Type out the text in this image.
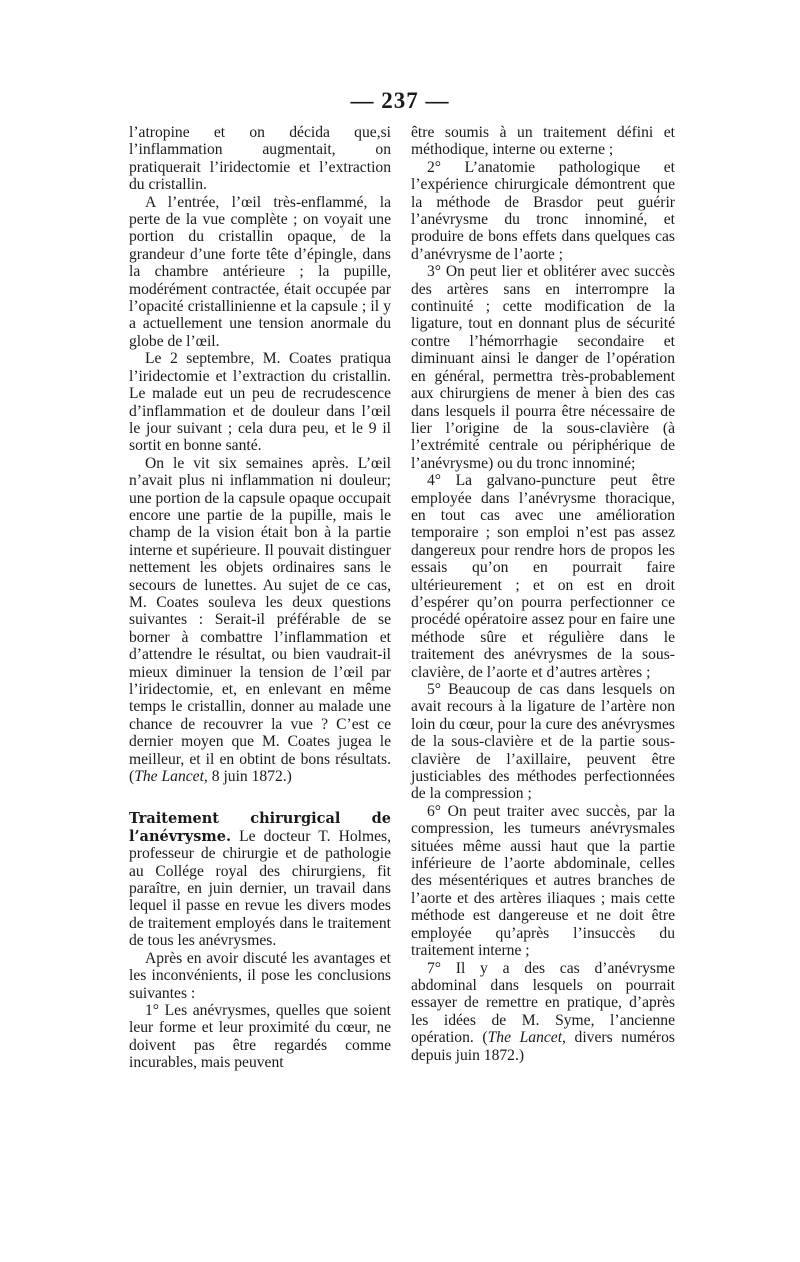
— 237 —

l’atropine et on décida que,si l’inflammation augmentait, on pratiquerait l’iridectomie et l’extraction du cristallin.

A l’entrée, l’œil très-enflammé, la perte de la vue complète ; on voyait une portion du cristallin opaque, de la grandeur d’une forte tête d’épingle, dans la chambre antérieure ; la pupille, modérément contractée, était occupée par l’opacité cristallinienne et la capsule ; il y a actuellement une tension anormale du globe de l’œil.

Le 2 septembre, M. Coates pratiqua l’iridectomie et l’extraction du cristallin. Le malade eut un peu de recrudescence d’inflammation et de douleur dans l’œil le jour suivant ; cela dura peu, et le 9 il sortit en bonne santé.

On le vit six semaines après. L’œil n’avait plus ni inflammation ni douleur; une portion de la capsule opaque occupait encore une partie de la pupille, mais le champ de la vision était bon à la partie interne et supérieure. Il pouvait distinguer nettement les objets ordinaires sans le secours de lunettes. Au sujet de ce cas, M. Coates souleva les deux questions suivantes : Serait-il préférable de se borner à combattre l’inflammation et d’attendre le résultat, ou bien vaudrait-il mieux diminuer la tension de l’œil par l’iridectomie, et, en enlevant en même temps le cristallin, donner au malade une chance de recouvrer la vue ? C’est ce dernier moyen que M. Coates jugea le meilleur, et il en obtint de bons résultats. (The Lancet, 8 juin 1872.)

Traitement chirurgical de l’anévrysme. Le docteur T. Holmes, professeur de chirurgie et de pathologie au Collége royal des chirurgiens, fit paraître, en juin dernier, un travail dans lequel il passe en revue les divers modes de traitement employés dans le traitement de tous les anévrysmes.

Après en avoir discuté les avantages et les inconvénients, il pose les conclusions suivantes :

1° Les anévrysmes, quelles que soient leur forme et leur proximité du cœur, ne doivent pas être regardés comme incurables, mais peuvent

être soumis à un traitement défini et méthodique, interne ou externe ;

2° L’anatomie pathologique et l’expérience chirurgicale démontrent que la méthode de Brasdor peut guérir l’anévrysme du tronc innominé, et produire de bons effets dans quelques cas d’anévrysme de l’aorte ;

3° On peut lier et oblitérer avec succès des artères sans en interrompre la continuité ; cette modification de la ligature, tout en donnant plus de sécurité contre l’hémorrhagie secondaire et diminuant ainsi le danger de l’opération en général, permettra très-probablement aux chirurgiens de mener à bien des cas dans lesquels il pourra être nécessaire de lier l’origine de la sous-clavière (à l’extrémité centrale ou périphérique de l’anévrysme) ou du tronc innominé;

4° La galvano-puncture peut être employée dans l’anévrysme thoracique, en tout cas avec une amélioration temporaire ; son emploi n’est pas assez dangereux pour rendre hors de propos les essais qu’on en pourrait faire ultérieurement ; et on est en droit d’espérer qu’on pourra perfectionner ce procédé opératoire assez pour en faire une méthode sûre et régulière dans le traitement des anévrysmes de la sous-clavière, de l’aorte et d’autres artères ;

5° Beaucoup de cas dans lesquels on avait recours à la ligature de l’artère non loin du cœur, pour la cure des anévrysmes de la sous-clavière et de la partie sous-clavière de l’axillaire, peuvent être justiciables des méthodes perfectionnées de la compression ;

6° On peut traiter avec succès, par la compression, les tumeurs anévrysmales situées même aussi haut que la partie inférieure de l’aorte abdominale, celles des mésentériques et autres branches de l’aorte et des artères iliaques ; mais cette méthode est dangereuse et ne doit être employée qu’après l’insuccès du traitement interne ;

7° Il y a des cas d’anévrysme abdominal dans lesquels on pourrait essayer de remettre en pratique, d’après les idées de M. Syme, l’ancienne opération. (The Lancet, divers numéros depuis juin 1872.)
